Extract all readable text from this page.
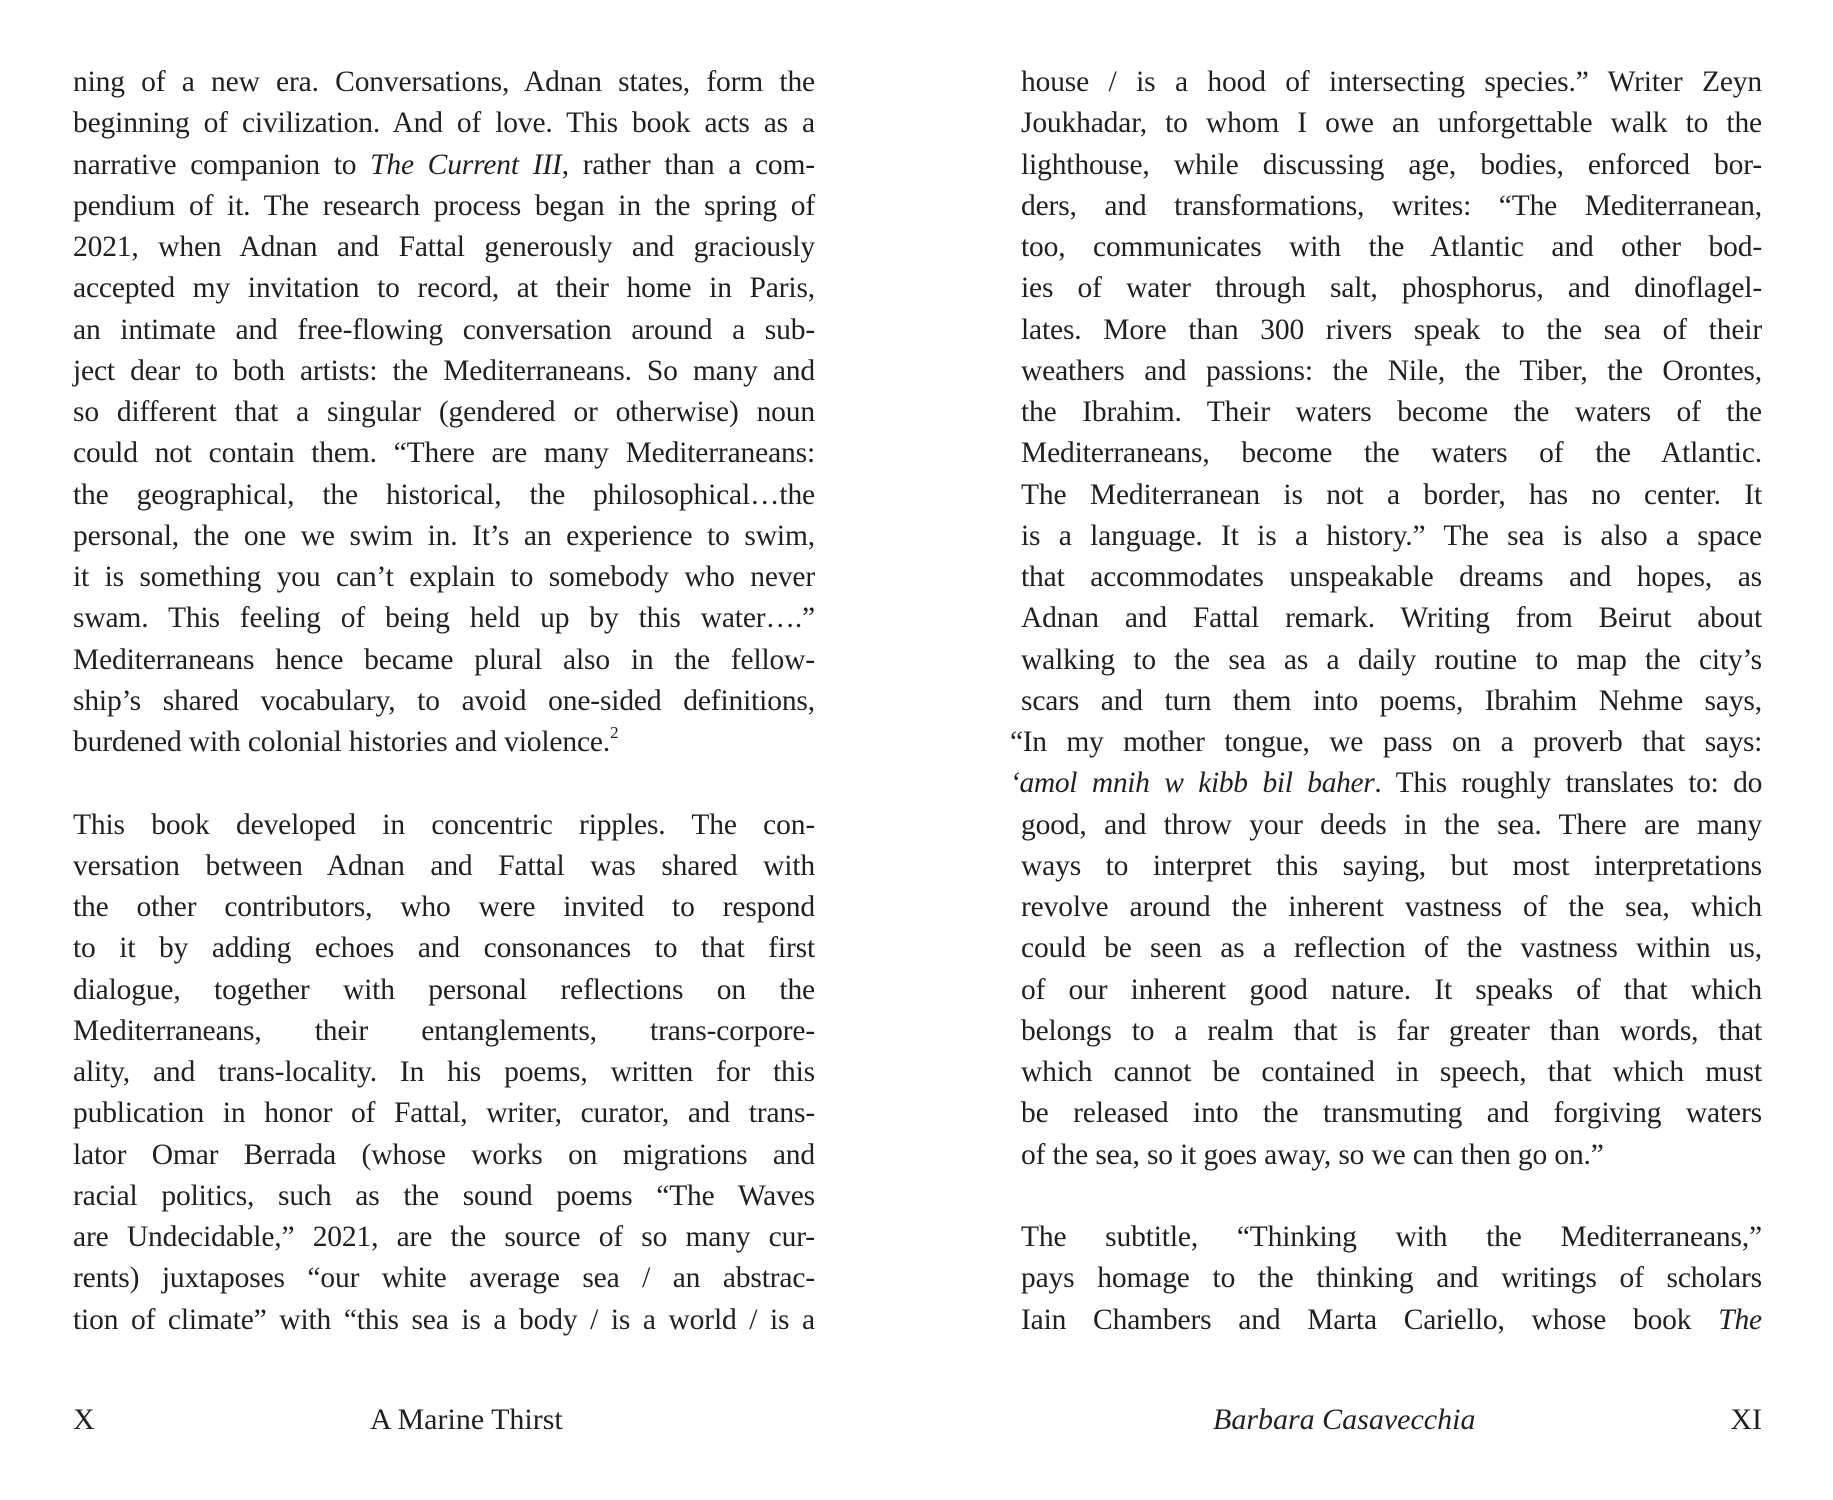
ning of a new era. Conversations, Adnan states, form the
beginning of civilization. And of love. This book acts as a
narrative companion to The Current III, rather than a com-
pendium of it. The research process began in the spring of
2021, when Adnan and Fattal generously and graciously
accepted my invitation to record, at their home in Paris,
an intimate and free-flowing conversation around a sub-
ject dear to both artists: the Mediterraneans. So many and
so different that a singular (gendered or otherwise) noun
could not contain them. “There are many Mediterraneans:
the geographical, the historical, the philosophical…the
personal, the one we swim in. It’s an experience to swim,
it is something you can’t explain to somebody who never
swam. This feeling of being held up by this water….”
Mediterraneans hence became plural also in the fellow-
ship’s shared vocabulary, to avoid one-sided definitions,
burdened with colonial histories and violence.$^2$
This book developed in concentric ripples. The con-
versation between Adnan and Fattal was shared with
the other contributors, who were invited to respond
to it by adding echoes and consonances to that first
dialogue, together with personal reflections on the
Mediterraneans, their entanglements, trans-corpore-
ality, and trans-locality. In his poems, written for this
publication in honor of Fattal, writer, curator, and trans-
lator Omar Berrada (whose works on migrations and
racial politics, such as the sound poems “The Waves
are Undecidable,” 2021, are the source of so many cur-
rents) juxtaposes “our white average sea / an abstrac-
tion of climate” with “this sea is a body / is a world / is a
X	A Marine Thirst
house / is a hood of intersecting species.” Writer Zeyn
Joukhadar, to whom I owe an unforgettable walk to the
lighthouse, while discussing age, bodies, enforced bor-
ders, and transformations, writes: “The Mediterranean,
too, communicates with the Atlantic and other bod-
ies of water through salt, phosphorus, and dinoflagel-
lates. More than 300 rivers speak to the sea of their
weathers and passions: the Nile, the Tiber, the Orontes,
the Ibrahim. Their waters become the waters of the
Mediterraneans, become the waters of the Atlantic.
The Mediterranean is not a border, has no center. It
is a language. It is a history.” The sea is also a space
that accommodates unspeakable dreams and hopes, as
Adnan and Fattal remark. Writing from Beirut about
walking to the sea as a daily routine to map the city’s
scars and turn them into poems, Ibrahim Nehme says,
“In my mother tongue, we pass on a proverb that says:
‘amol mnih w kibb bil baher. This roughly translates to: do
good, and throw your deeds in the sea. There are many
ways to interpret this saying, but most interpretations
revolve around the inherent vastness of the sea, which
could be seen as a reflection of the vastness within us,
of our inherent good nature. It speaks of that which
belongs to a realm that is far greater than words, that
which cannot be contained in speech, that which must
be released into the transmuting and forgiving waters
of the sea, so it goes away, so we can then go on.”
The subtitle, “Thinking with the Mediterraneans,”
pays homage to the thinking and writings of scholars
Iain Chambers and Marta Cariello, whose book The
Barbara Casavecchia	XI
